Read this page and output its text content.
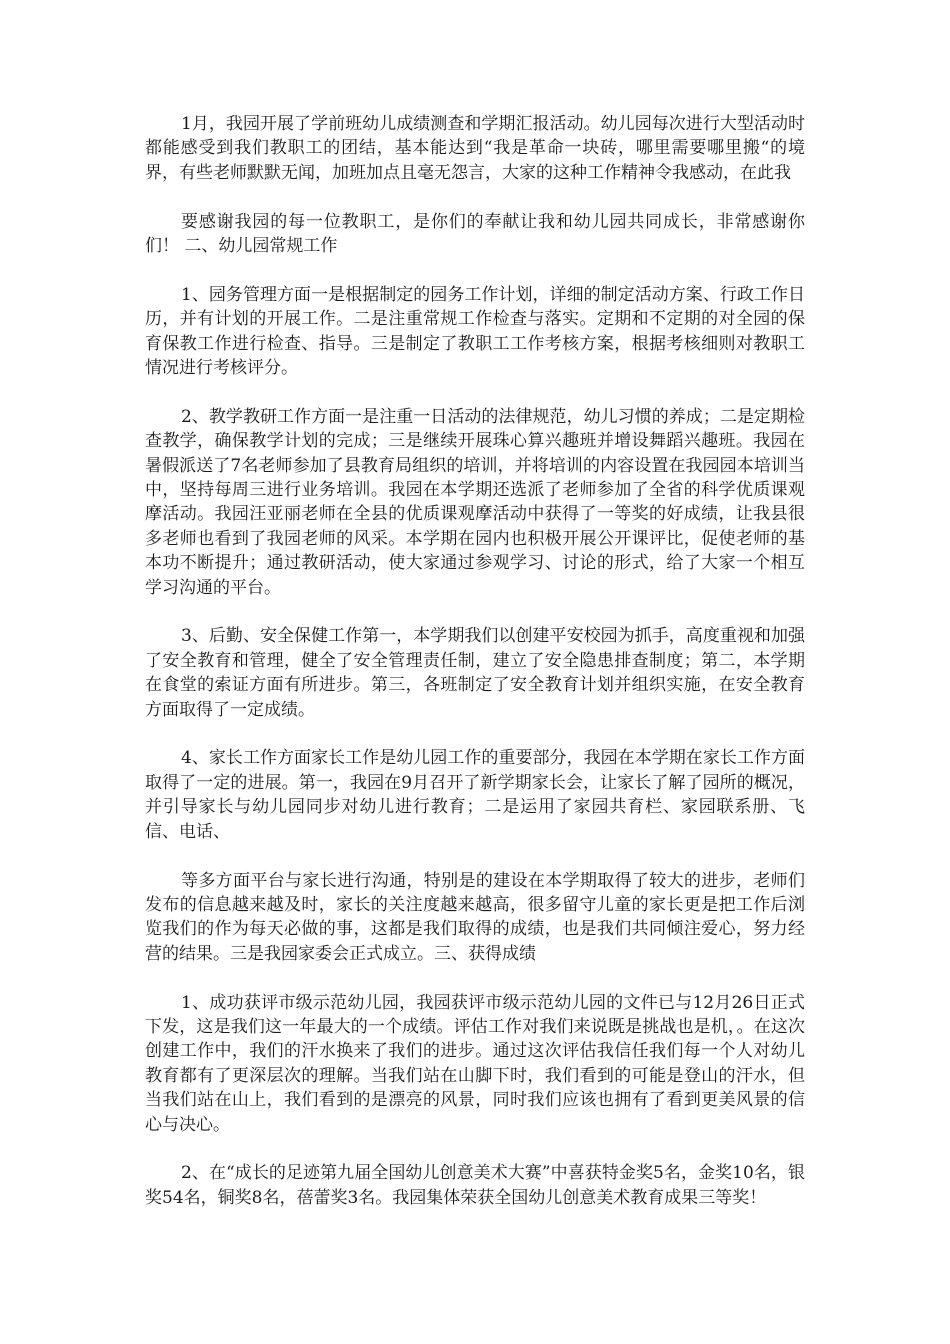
1月，我园开展了学前班幼儿成绩测查和学期汇报活动。幼儿园每次进行大型活动时都能感受到我们教职工的团结，基本能达到“我是革命一块砖，哪里需要哪里搬“的境界，有些老师默默无闻，加班加点且毫无怨言，大家的这种工作精神令我感动，在此我

要感谢我园的每一位教职工，是你们的奉献让我和幼儿园共同成长，非常感谢你们！ 二、幼儿园常规工作

1、园务管理方面一是根据制定的园务工作计划，详细的制定活动方案、行政工作日历，并有计划的开展工作。二是注重常规工作检查与落实。定期和不定期的对全园的保育保教工作进行检查、指导。三是制定了教职工工作考核方案，根据考核细则对教职工情况进行考核评分。

2、教学教研工作方面一是注重一日活动的法律规范，幼儿习惯的养成；二是定期检查教学，确保教学计划的完成；三是继续开展珠心算兴趣班并增设舞蹈兴趣班。我园在暑假派送了7名老师参加了县教育局组织的培训，并将培训的内容设置在我园园本培训当中，坚持每周三进行业务培训。我园在本学期还选派了老师参加了全省的科学优质课观摩活动。我园汪亚丽老师在全县的优质课观摩活动中获得了一等奖的好成绩，让我县很多老师也看到了我园老师的风采。本学期在园内也积极开展公开课评比，促使老师的基本功不断提升；通过教研活动，使大家通过参观学习、讨论的形式，给了大家一个相互学习沟通的平台。

3、后勤、安全保健工作第一，本学期我们以创建平安校园为抓手，高度重视和加强了安全教育和管理，健全了安全管理责任制，建立了安全隐患排查制度；第二，本学期在食堂的索证方面有所进步。第三，各班制定了安全教育计划并组织实施，在安全教育方面取得了一定成绩。

4、家长工作方面家长工作是幼儿园工作的重要部分，我园在本学期在家长工作方面取得了一定的进展。第一，我园在9月召开了新学期家长会，让家长了解了园所的概况，并引导家长与幼儿园同步对幼儿进行教育；二是运用了家园共育栏、家园联系册、飞信、电话、

等多方面平台与家长进行沟通，特别是的建设在本学期取得了较大的进步，老师们发布的信息越来越及时，家长的关注度越来越高，很多留守儿童的家长更是把工作后浏览我们的作为每天必做的事，这都是我们取得的成绩，也是我们共同倾注爱心，努力经营的结果。三是我园家委会正式成立。三、获得成绩

1、成功获评市级示范幼儿园，我园获评市级示范幼儿园的文件已与12月26日正式下发，这是我们这一年最大的一个成绩。评估工作对我们来说既是挑战也是机，。在这次创建工作中，我们的汗水换来了我们的进步。通过这次评估我信任我们每一个人对幼儿教育都有了更深层次的理解。当我们站在山脚下时，我们看到的可能是登山的汗水，但当我们站在山上，我们看到的是漂亮的风景，同时我们应该也拥有了看到更美风景的信心与决心。

2、在“成长的足迹第九届全国幼儿创意美术大赛”中喜获特金奖5名，金奖10名，银奖54名，铜奖8名，蓓蕾奖3名。我园集体荣获全国幼儿创意美术教育成果三等奖！
